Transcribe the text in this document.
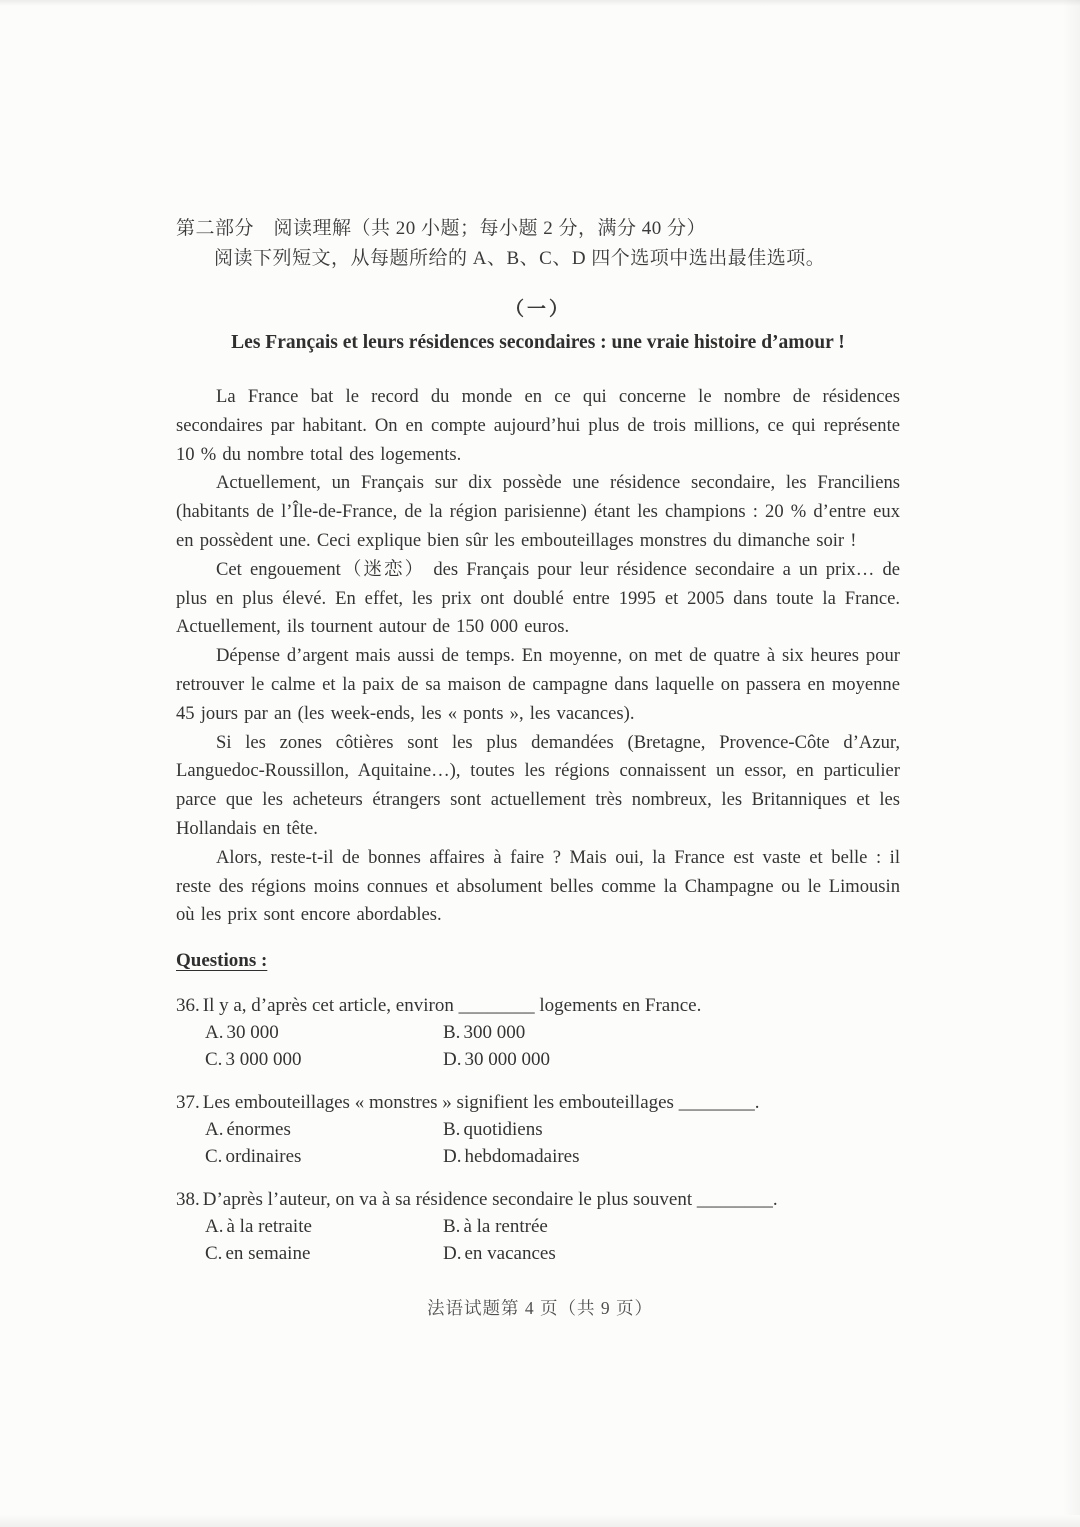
第二部分　阅读理解（共 20 小题；每小题 2 分，满分 40 分）

阅读下列短文，从每题所给的 A、B、C、D 四个选项中选出最佳选项。

（一）

Les Français et leurs résidences secondaires : une vraie histoire d’amour !

La France bat le record du monde en ce qui concerne le nombre de résidences secondaires par habitant. On en compte aujourd’hui plus de trois millions, ce qui représente 10 % du nombre total des logements.

Actuellement, un Français sur dix possède une résidence secondaire, les Franciliens (habitants de l’Île-de-France, de la région parisienne) étant les champions : 20 % d’entre eux en possèdent une. Ceci explique bien sûr les embouteillages monstres du dimanche soir !

Cet engouement（迷恋） des Français pour leur résidence secondaire a un prix… de plus en plus élevé. En effet, les prix ont doublé entre 1995 et 2005 dans toute la France. Actuellement, ils tournent autour de 150 000 euros.

Dépense d’argent mais aussi de temps. En moyenne, on met de quatre à six heures pour retrouver le calme et la paix de sa maison de campagne dans laquelle on passera en moyenne 45 jours par an (les week-ends, les « ponts », les vacances).

Si les zones côtières sont les plus demandées (Bretagne, Provence-Côte d’Azur, Languedoc-Roussillon, Aquitaine…), toutes les régions connaissent un essor, en particulier parce que les acheteurs étrangers sont actuellement très nombreux, les Britanniques et les Hollandais en tête.

Alors, reste-t-il de bonnes affaires à faire ? Mais oui, la France est vaste et belle : il reste des régions moins connues et absolument belles comme la Champagne ou le Limousin où les prix sont encore abordables.

Questions :

36. Il y a, d’après cet article, environ ________ logements en France.

A. 30 000	B. 300 000

C. 3 000 000	D. 30 000 000

37. Les embouteillages « monstres » signifient les embouteillages ________.

A. énormes	B. quotidiens

C. ordinaires	D. hebdomadaires

38. D’après l’auteur, on va à sa résidence secondaire le plus souvent ________.

A. à la retraite	B. à la rentrée

C. en semaine	D. en vacances

法语试题第 4 页（共 9 页）
